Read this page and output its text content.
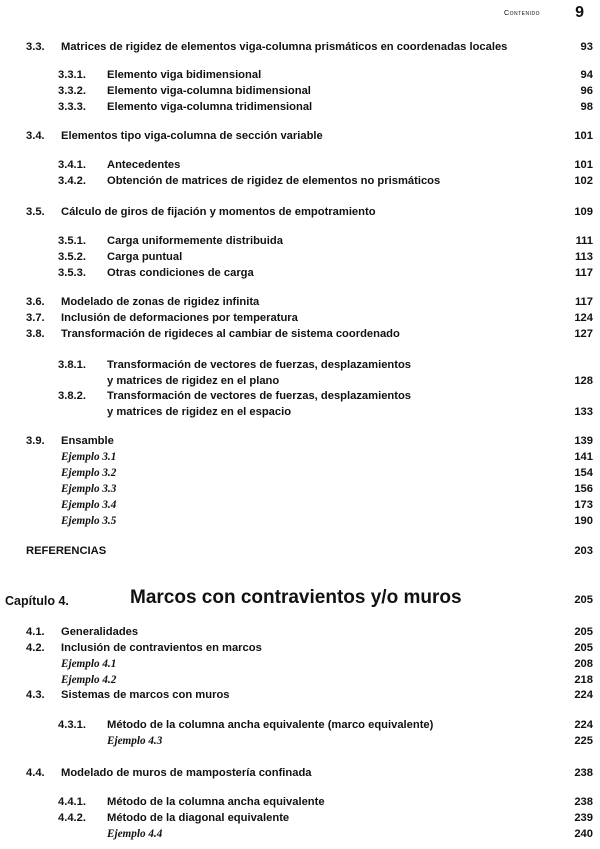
Contenido 9
3.3. Matrices de rigidez de elementos viga-columna prismáticos en coordenadas locales	93
3.3.1. Elemento viga bidimensional	94
3.3.2. Elemento viga-columna bidimensional	96
3.3.3. Elemento viga-columna tridimensional	98
3.4. Elementos tipo viga-columna de sección variable	101
3.4.1. Antecedentes	101
3.4.2. Obtención de matrices de rigidez de elementos no prismáticos	102
3.5. Cálculo de giros de fijación y momentos de empotramiento	109
3.5.1. Carga uniformemente distribuida	111
3.5.2. Carga puntual	113
3.5.3. Otras condiciones de carga	117
3.6. Modelado de zonas de rigidez infinita	117
3.7. Inclusión de deformaciones por temperatura	124
3.8. Transformación de rigideces al cambiar de sistema coordenado	127
3.8.1. Transformación de vectores de fuerzas, desplazamientos
y matrices de rigidez en el plano	128
3.8.2. Transformación de vectores de fuerzas, desplazamientos
y matrices de rigidez en el espacio	133
3.9. Ensamble	139
Ejemplo 3.1	141
Ejemplo 3.2	154
Ejemplo 3.3	156
Ejemplo 3.4	173
Ejemplo 3.5	190
REFERENCIAS	203
Capítulo 4.	Marcos con contravientos y/o muros	205
4.1. Generalidades	205
4.2. Inclusión de contravientos en marcos	205
Ejemplo 4.1	208
Ejemplo 4.2	218
4.3. Sistemas de marcos con muros	224
4.3.1. Método de la columna ancha equivalente (marco equivalente)	224
Ejemplo 4.3	225
4.4. Modelado de muros de mampostería confinada	238
4.4.1. Método de la columna ancha equivalente	238
4.4.2. Método de la diagonal equivalente	239
Ejemplo 4.4	240
